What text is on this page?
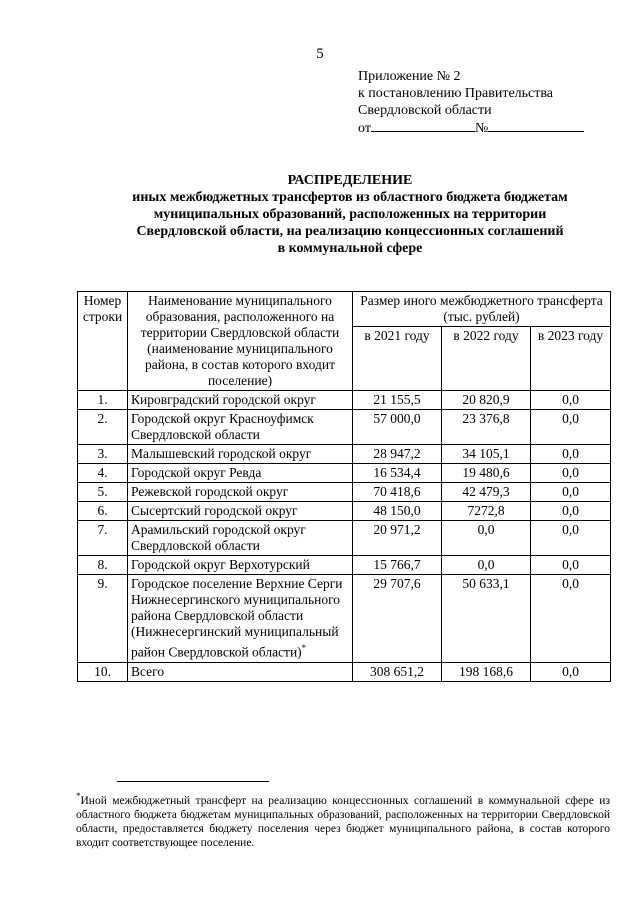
5
Приложение № 2
к постановлению Правительства
Свердловской области
от	№
РАСПРЕДЕЛЕНИЕ
иных межбюджетных трансфертов из областного бюджета бюджетам
муниципальных образований, расположенных на территории
Свердловской области, на реализацию концессионных соглашений
в коммунальной сфере
Номер строки	Наименование муниципального образования, расположенного на территории Свердловской области (наименование муниципального района, в состав которого входит поселение)	Размер иного межбюджетного трансферта (тыс. рублей)		
		в 2021 году	в 2022 году	в 2023 году
1.	Кировградский городской округ	21 155,5	20 820,9	0,0
2.	Городской округ Красноуфимск Свердловской области	57 000,0	23 376,8	0,0
3.	Малышевский городской округ	28 947,2	34 105,1	0,0
4.	Городской округ Ревда	16 534,4	19 480,6	0,0
5.	Режевской городской округ	70 418,6	42 479,3	0,0
6.	Сысертский городской округ	48 150,0	7272,8	0,0
7.	Арамильский городской округ Свердловской области	20 971,2	0,0	0,0
8.	Городской округ Верхотурский	15 766,7	0,0	0,0
9.	Городское поселение Верхние Серги Нижнесергинского муниципального района Свердловской области (Нижнесергинский муниципальный район Свердловской области)*	29 707,6	50 633,1	0,0
10.	Всего	308 651,2	198 168,6	0,0
*Иной межбюджетный трансферт на реализацию концессионных соглашений в коммунальной сфере из областного бюджета бюджетам муниципальных образований, расположенных на территории Свердловской области, предоставляется бюджету поселения через бюджет муниципального района, в состав которого входит соответствующее поселение.
